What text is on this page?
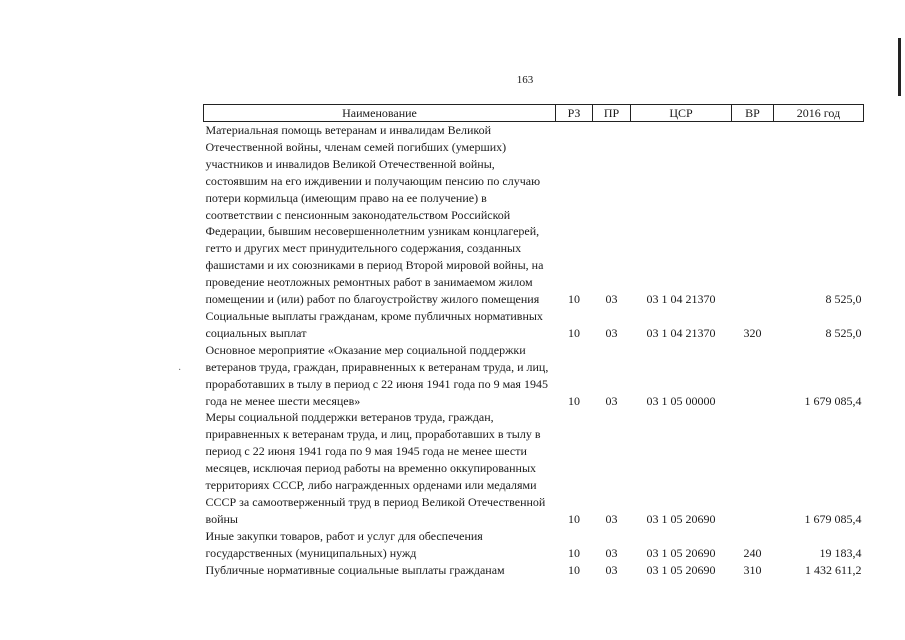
·
163
Наименование	РЗ	ПР	ЦСР	ВР	2016 год
Материальная помощь ветеранам и инвалидам Великой Отечественной войны, членам семей погибших (умерших) участников и инвалидов Великой Отечественной войны, состоявшим на его иждивении и получающим пенсию по случаю потери кормильца (имеющим право на ее получение) в соответствии с пенсионным законодательством Российской Федерации, бывшим несовершеннолетним узникам концлагерей, гетто и других мест принудительного содержания, созданных фашистами и их союзниками в период Второй мировой войны, на проведение неотложных ремонтных работ в занимаемом жилом помещении и (или) работ по благоустройству жилого помещения	10	03	03 1 04 21370		8 525,0
Социальные выплаты гражданам, кроме публичных нормативных социальных выплат	10	03	03 1 04 21370	320	8 525,0
Основное мероприятие «Оказание мер социальной поддержки ветеранов труда, граждан, приравненных к ветеранам труда, и лиц, проработавших в тылу в период с 22 июня 1941 года по 9 мая 1945 года не менее шести месяцев»	10	03	03 1 05 00000		1 679 085,4
Меры социальной поддержки ветеранов труда, граждан, приравненных к ветеранам труда, и лиц, проработавших в тылу в период с 22 июня 1941 года по 9 мая 1945 года не менее шести месяцев, исключая период работы на временно оккупированных территориях СССР, либо награжденных орденами или медалями СССР за самоотверженный труд в период Великой Отечественной войны	10	03	03 1 05 20690		1 679 085,4
Иные закупки товаров, работ и услуг для обеспечения государственных (муниципальных) нужд	10	03	03 1 05 20690	240	19 183,4
Публичные нормативные социальные выплаты гражданам	10	03	03 1 05 20690	310	1 432 611,2
